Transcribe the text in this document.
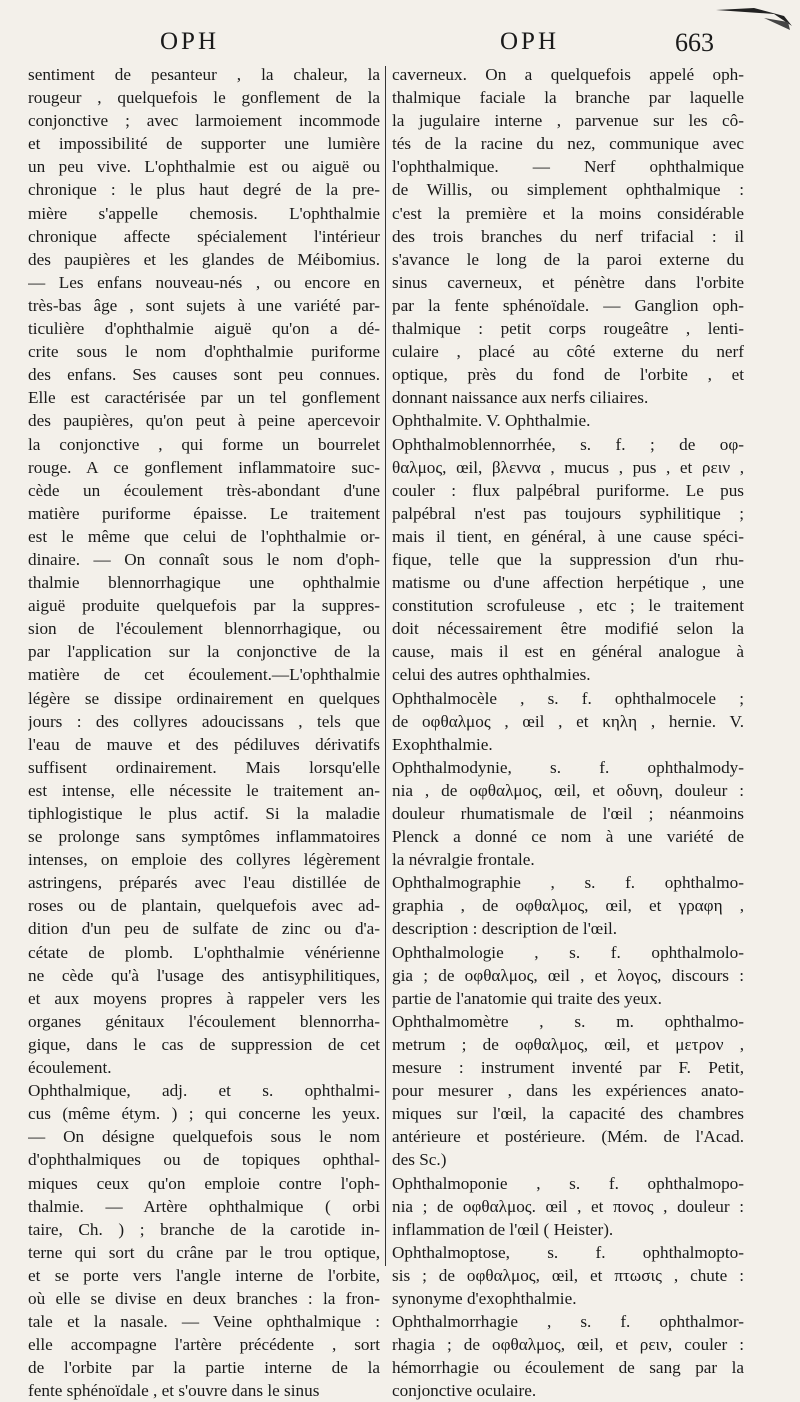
OPH	OPH	663
sentiment de pesanteur , la chaleur, la
rougeur , quelquefois le gonflement de la
conjonctive ; avec larmoiement incommode
et impossibilité de supporter une lumière
un peu vive. L'ophthalmie est ou aiguë ou
chronique : le plus haut degré de la pre-
mière s'appelle chemosis. L'ophthalmie
chronique affecte spécialement l'intérieur
des paupières et les glandes de Méibomius.
— Les enfans nouveau-nés , ou encore en
très-bas âge , sont sujets à une variété par-
ticulière d'ophthalmie aiguë qu'on a dé-
crite sous le nom d'ophthalmie puriforme
des enfans. Ses causes sont peu connues.
Elle est caractérisée par un tel gonflement
des paupières, qu'on peut à peine apercevoir
la conjonctive , qui forme un bourrelet
rouge. A ce gonflement inflammatoire suc-
cède un écoulement très-abondant d'une
matière puriforme épaisse. Le traitement
est le même que celui de l'ophthalmie or-
dinaire. — On connaît sous le nom d'oph-
thalmie blennorrhagique une ophthalmie
aiguë produite quelquefois par la suppres-
sion de l'écoulement blennorrhagique, ou
par l'application sur la conjonctive de la
matière de cet écoulement.—L'ophthalmie
légère se dissipe ordinairement en quelques
jours : des collyres adoucissans , tels que
l'eau de mauve et des pédiluves dérivatifs
suffisent ordinairement. Mais lorsqu'elle
est intense, elle nécessite le traitement an-
tiphlogistique le plus actif. Si la maladie
se prolonge sans symptômes inflammatoires
intenses, on emploie des collyres légèrement
astringens, préparés avec l'eau distillée de
roses ou de plantain, quelquefois avec ad-
dition d'un peu de sulfate de zinc ou d'a-
cétate de plomb. L'ophthalmie vénérienne
ne cède qu'à l'usage des antisyphilitiques,
et aux moyens propres à rappeler vers les
organes génitaux l'écoulement blennorrha-
gique, dans le cas de suppression de cet
écoulement.
Ophthalmique, adj. et s. ophthalmi-
cus (même étym. ) ; qui concerne les yeux.
— On désigne quelquefois sous le nom
d'ophthalmiques ou de topiques ophthal-
miques ceux qu'on emploie contre l'oph-
thalmie. — Artère ophthalmique ( orbi
taire, Ch. ) ; branche de la carotide in-
terne qui sort du crâne par le trou optique,
et se porte vers l'angle interne de l'orbite,
où elle se divise en deux branches : la fron-
tale et la nasale. — Veine ophthalmique :
elle accompagne l'artère précédente , sort
de l'orbite par la partie interne de la
fente sphénoïdale , et s'ouvre dans le sinus
caverneux. On a quelquefois appelé oph-
thalmique faciale la branche par laquelle
la jugulaire interne , parvenue sur les cô-
tés de la racine du nez, communique avec
l'ophthalmique. — Nerf ophthalmique
de Willis, ou simplement ophthalmique :
c'est la première et la moins considérable
des trois branches du nerf trifacial : il
s'avance le long de la paroi externe du
sinus caverneux, et pénètre dans l'orbite
par la fente sphénoïdale. — Ganglion oph-
thalmique : petit corps rougeâtre , lenti-
culaire , placé au côté externe du nerf
optique, près du fond de l'orbite , et
donnant naissance aux nerfs ciliaires.
Ophthalmite. V. Ophthalmie.
Ophthalmoblennorrhée, s. f. ; de οφ-
θαλμος, œil, βλεννα , mucus , pus , et ρειν ,
couler : flux palpébral puriforme. Le pus
palpébral n'est pas toujours syphilitique ;
mais il tient, en général, à une cause spéci-
fique, telle que la suppression d'un rhu-
matisme ou d'une affection herpétique , une
constitution scrofuleuse , etc ; le traitement
doit nécessairement être modifié selon la
cause, mais il est en général analogue à
celui des autres ophthalmies.
Ophthalmocèle , s. f. ophthalmocele ;
de οφθαλμος , œil , et κηλη , hernie. V.
Exophthalmie.
Ophthalmodynie, s. f. ophthalmody-
nia , de οφθαλμος, œil, et οδυνη, douleur :
douleur rhumatismale de l'œil ; néanmoins
Plenck a donné ce nom à une variété de
la névralgie frontale.
Ophthalmographie , s. f. ophthalmo-
graphia , de οφθαλμος, œil, et γραφη ,
description : description de l'œil.
Ophthalmologie , s. f. ophthalmolo-
gia ; de οφθαλμος, œil , et λογος, discours :
partie de l'anatomie qui traite des yeux.
Ophthalmomètre , s. m. ophthalmo-
metrum ; de οφθαλμος, œil, et μετρον ,
mesure : instrument inventé par F. Petit,
pour mesurer , dans les expériences anato-
miques sur l'œil, la capacité des chambres
antérieure et postérieure. (Mém. de l'Acad.
des Sc.)
Ophthalmoponie , s. f. ophthalmopo-
nia ; de οφθαλμος. œil , et πονος , douleur :
inflammation de l'œil ( Heister).
Ophthalmoptose, s. f. ophthalmopto-
sis ; de οφθαλμος, œil, et πτωσις , chute :
synonyme d'exophthalmie.
Ophthalmorrhagie , s. f. ophthalmor-
rhagia ; de οφθαλμος, œil, et ρειν, couler :
hémorrhagie ou écoulement de sang par la
conjonctive oculaire.
